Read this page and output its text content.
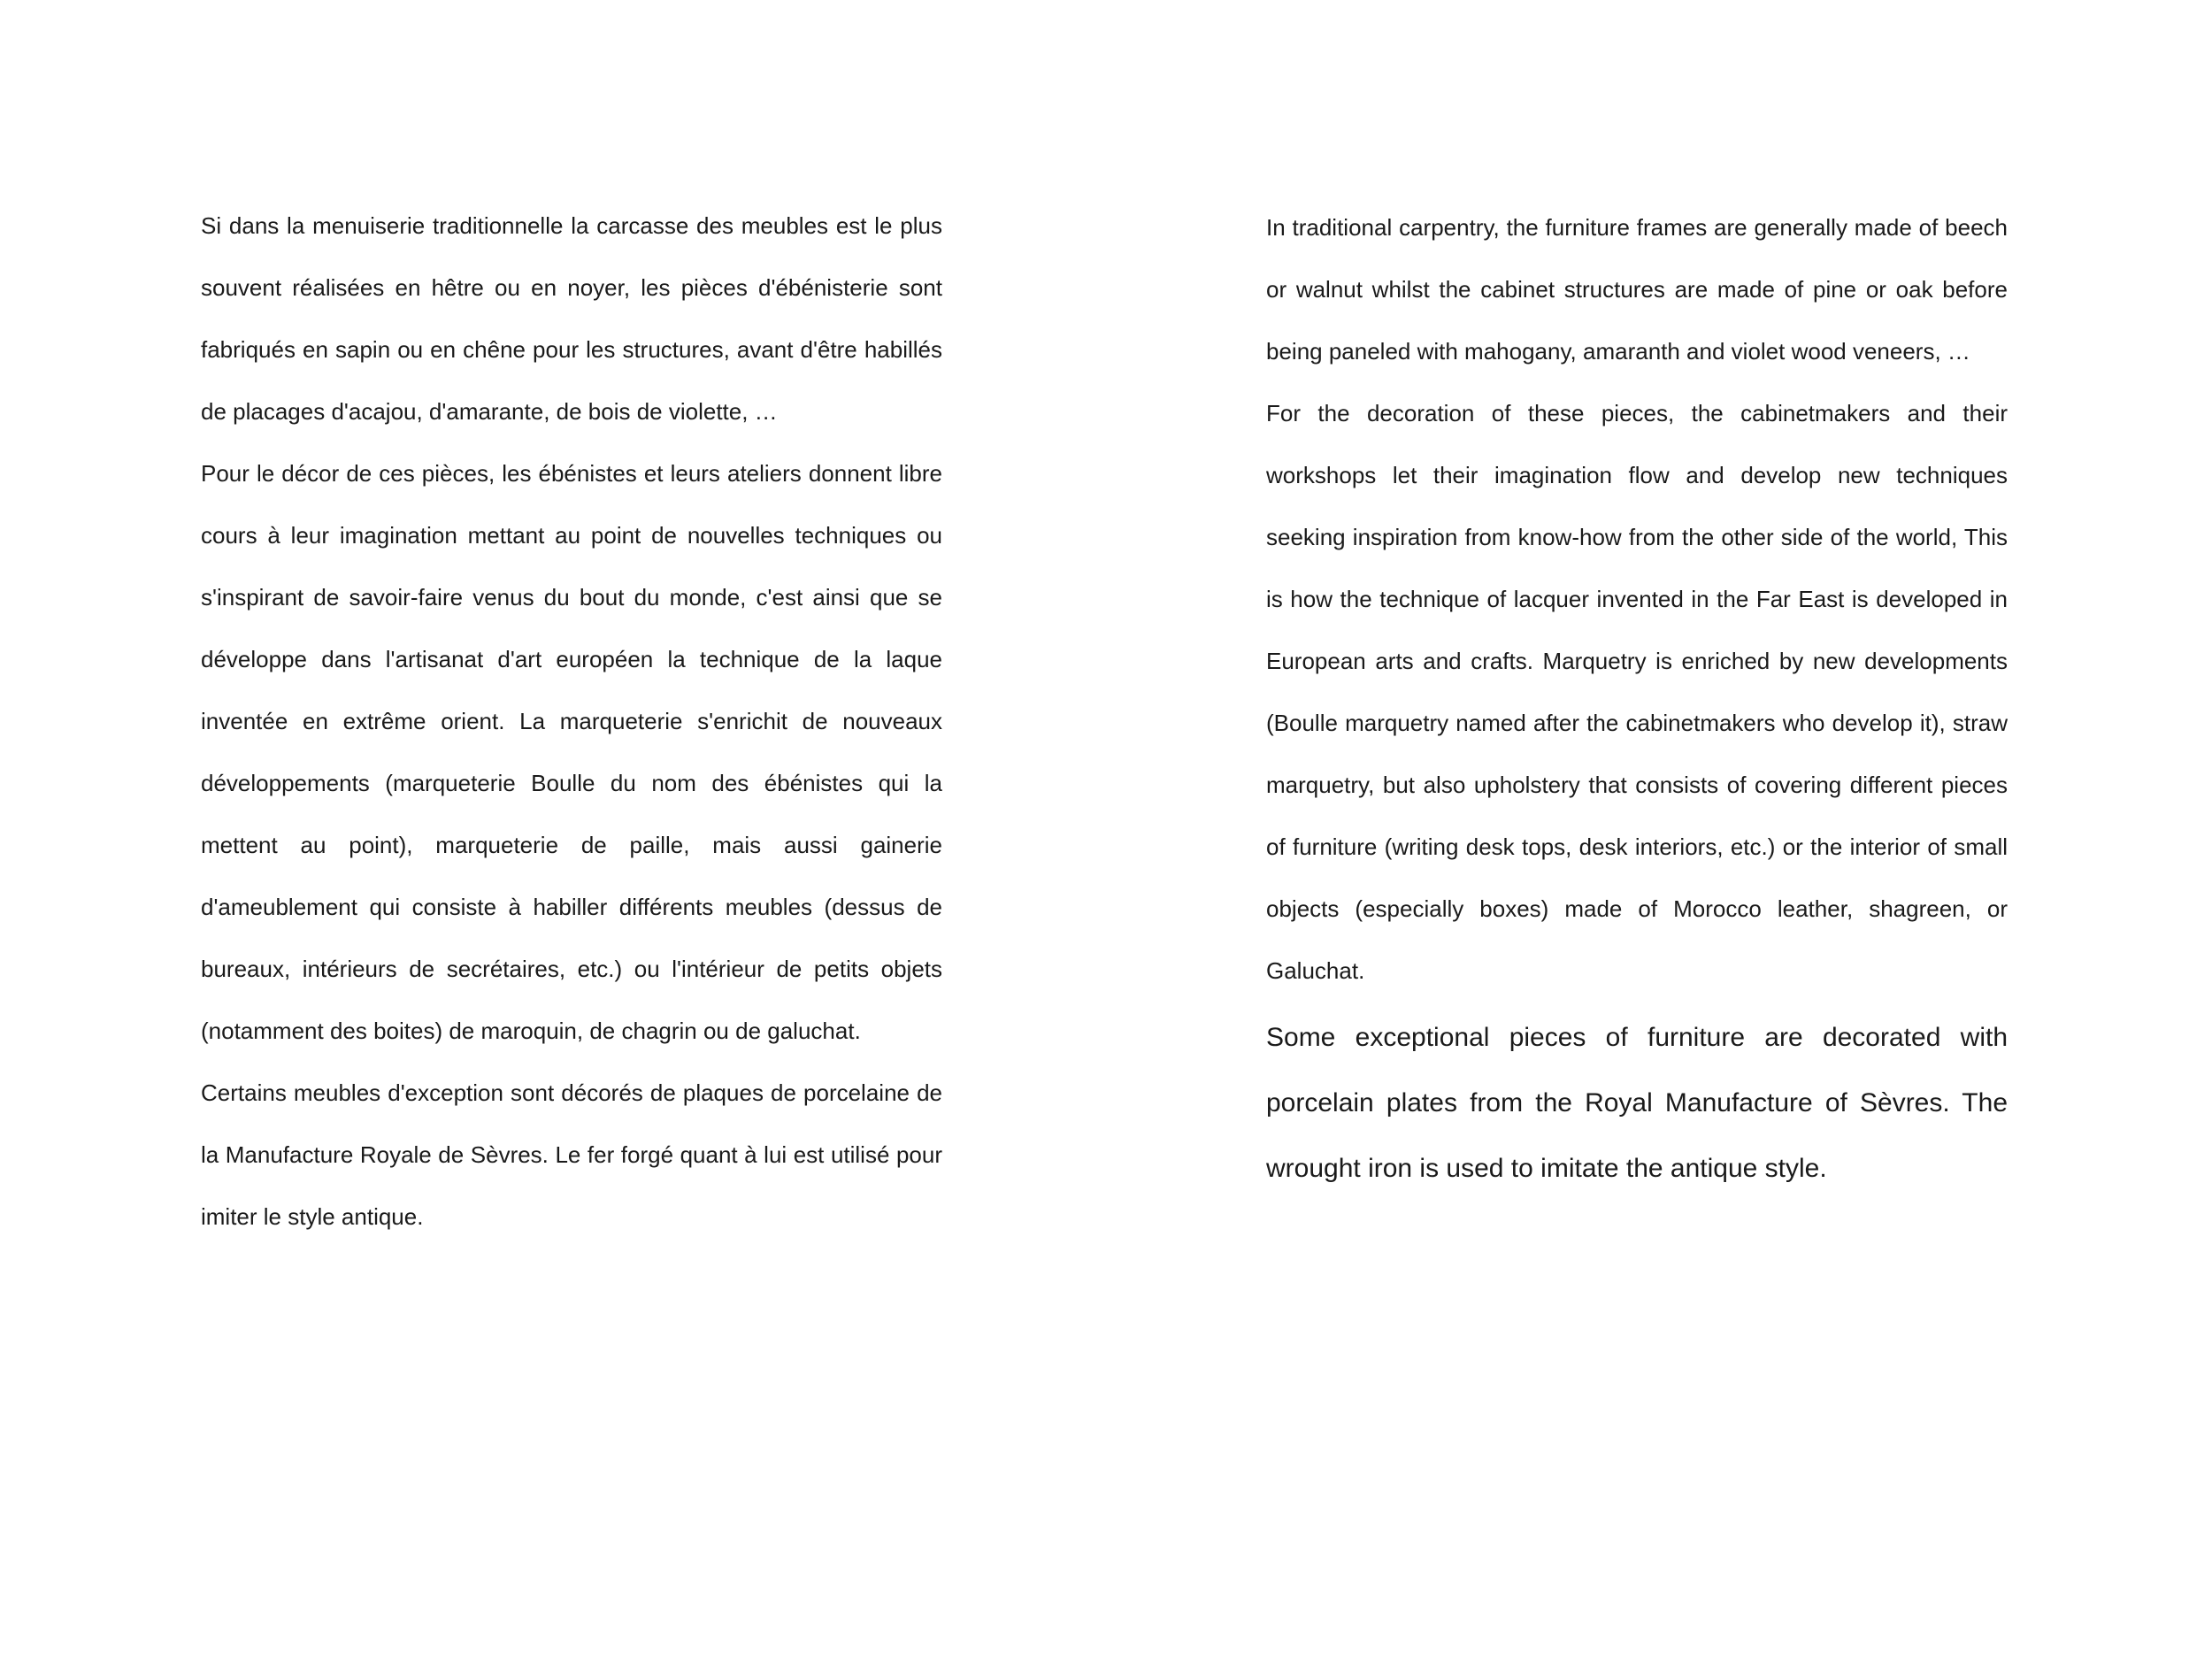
Si dans la menuiserie traditionnelle la carcasse des meubles est le plus souvent réalisées en hêtre ou en noyer, les pièces d'ébénisterie sont fabriqués en sapin ou en chêne pour les structures, avant d'être habillés de placages d'acajou, d'amarante, de bois de violette, …

Pour le décor de ces pièces, les ébénistes et leurs ateliers donnent libre cours à leur imagination mettant au point de nouvelles techniques ou s'inspirant de savoir-faire venus du bout du monde, c'est ainsi que se développe dans l'artisanat d'art européen la technique de la laque inventée en extrême orient. La marqueterie s'enrichit de nouveaux développements (marqueterie Boulle du nom des ébénistes qui la mettent au point), marqueterie de paille, mais aussi gainerie d'ameublement qui consiste à habiller différents meubles (dessus de bureaux, intérieurs de secrétaires, etc.) ou l'intérieur de petits objets (notamment des boites) de maroquin, de chagrin ou de galuchat.

Certains meubles d'exception sont décorés de plaques de porcelaine de la Manufacture Royale de Sèvres. Le fer forgé quant à lui est utilisé pour imiter le style antique.

In traditional carpentry, the furniture frames are generally made of beech or walnut whilst the cabinet structures are made of pine or oak before being paneled with mahogany, amaranth and violet wood veneers, …

For the decoration of these pieces, the cabinetmakers and their workshops let their imagination flow and develop new techniques seeking inspiration from know-how from the other side of the world, This is how the technique of lacquer invented in the Far East is developed in European arts and crafts. Marquetry is enriched by new developments (Boulle marquetry named after the cabinetmakers who develop it), straw marquetry, but also upholstery that consists of covering different pieces of furniture (writing desk tops, desk interiors, etc.) or the interior of small objects (especially boxes) made of Morocco leather, shagreen, or Galuchat.

Some exceptional pieces of furniture are decorated with porcelain plates from the Royal Manufacture of Sèvres. The wrought iron is used to imitate the antique style.
